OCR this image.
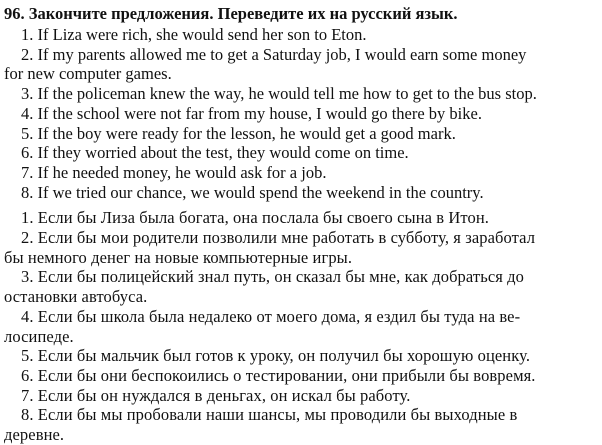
96. Закончите предложения. Переведите их на русский язык.
1. If Liza were rich, she would send her son to Eton.
2. If my parents allowed me to get a Saturday job, I would earn some money
for new computer games.
3. If the policeman knew the way, he would tell me how to get to the bus stop.
4. If the school were not far from my house, I would go there by bike.
5. If the boy were ready for the lesson, he would get a good mark.
6. If they worried about the test, they would come on time.
7. If he needed money, he would ask for a job.
8. If we tried our chance, we would spend the weekend in the country.
1. Если бы Лиза была богата, она послала бы своего сына в Итон.
2. Если бы мои родители позволили мне работать в субботу, я заработал
бы немного денег на новые компьютерные игры.
3. Если бы полицейский знал путь, он сказал бы мне, как добраться до
остановки автобуса.
4. Если бы школа была недалеко от моего дома, я ездил бы туда на ве-
лосипеде.
5. Если бы мальчик был готов к уроку, он получил бы хорошую оценку.
6. Если бы они беспокоились о тестировании, они прибыли бы вовремя.
7. Если бы он нуждался в деньгах, он искал бы работу.
8. Если бы мы пробовали наши шансы, мы проводили бы выходные в
деревне.
